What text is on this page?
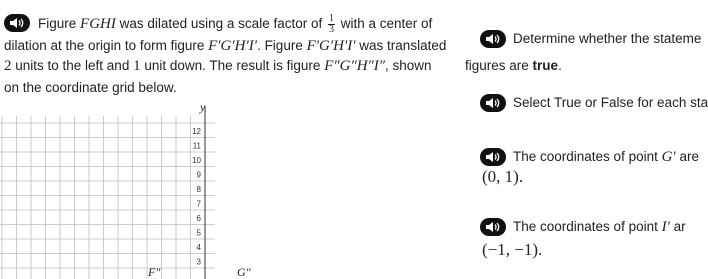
Figure FGHI was dilated using a scale factor of $\frac{1}{3}$ with a center of
dilation at the origin to form figure F′G′H′I′. Figure F′G′H′I′ was translated
2 units to the left and 1 unit down. The result is figure F″G″H″I″, shown
on the coordinate grid below.
y
12
11
10
9
8
7
6
5
4
3
F″	G″
Determine whether the stateme
figures are true.
Select True or False for each sta
The coordinates of point G′ are
(0, 1).
The coordinates of point I′ ar
(−1, −1).
